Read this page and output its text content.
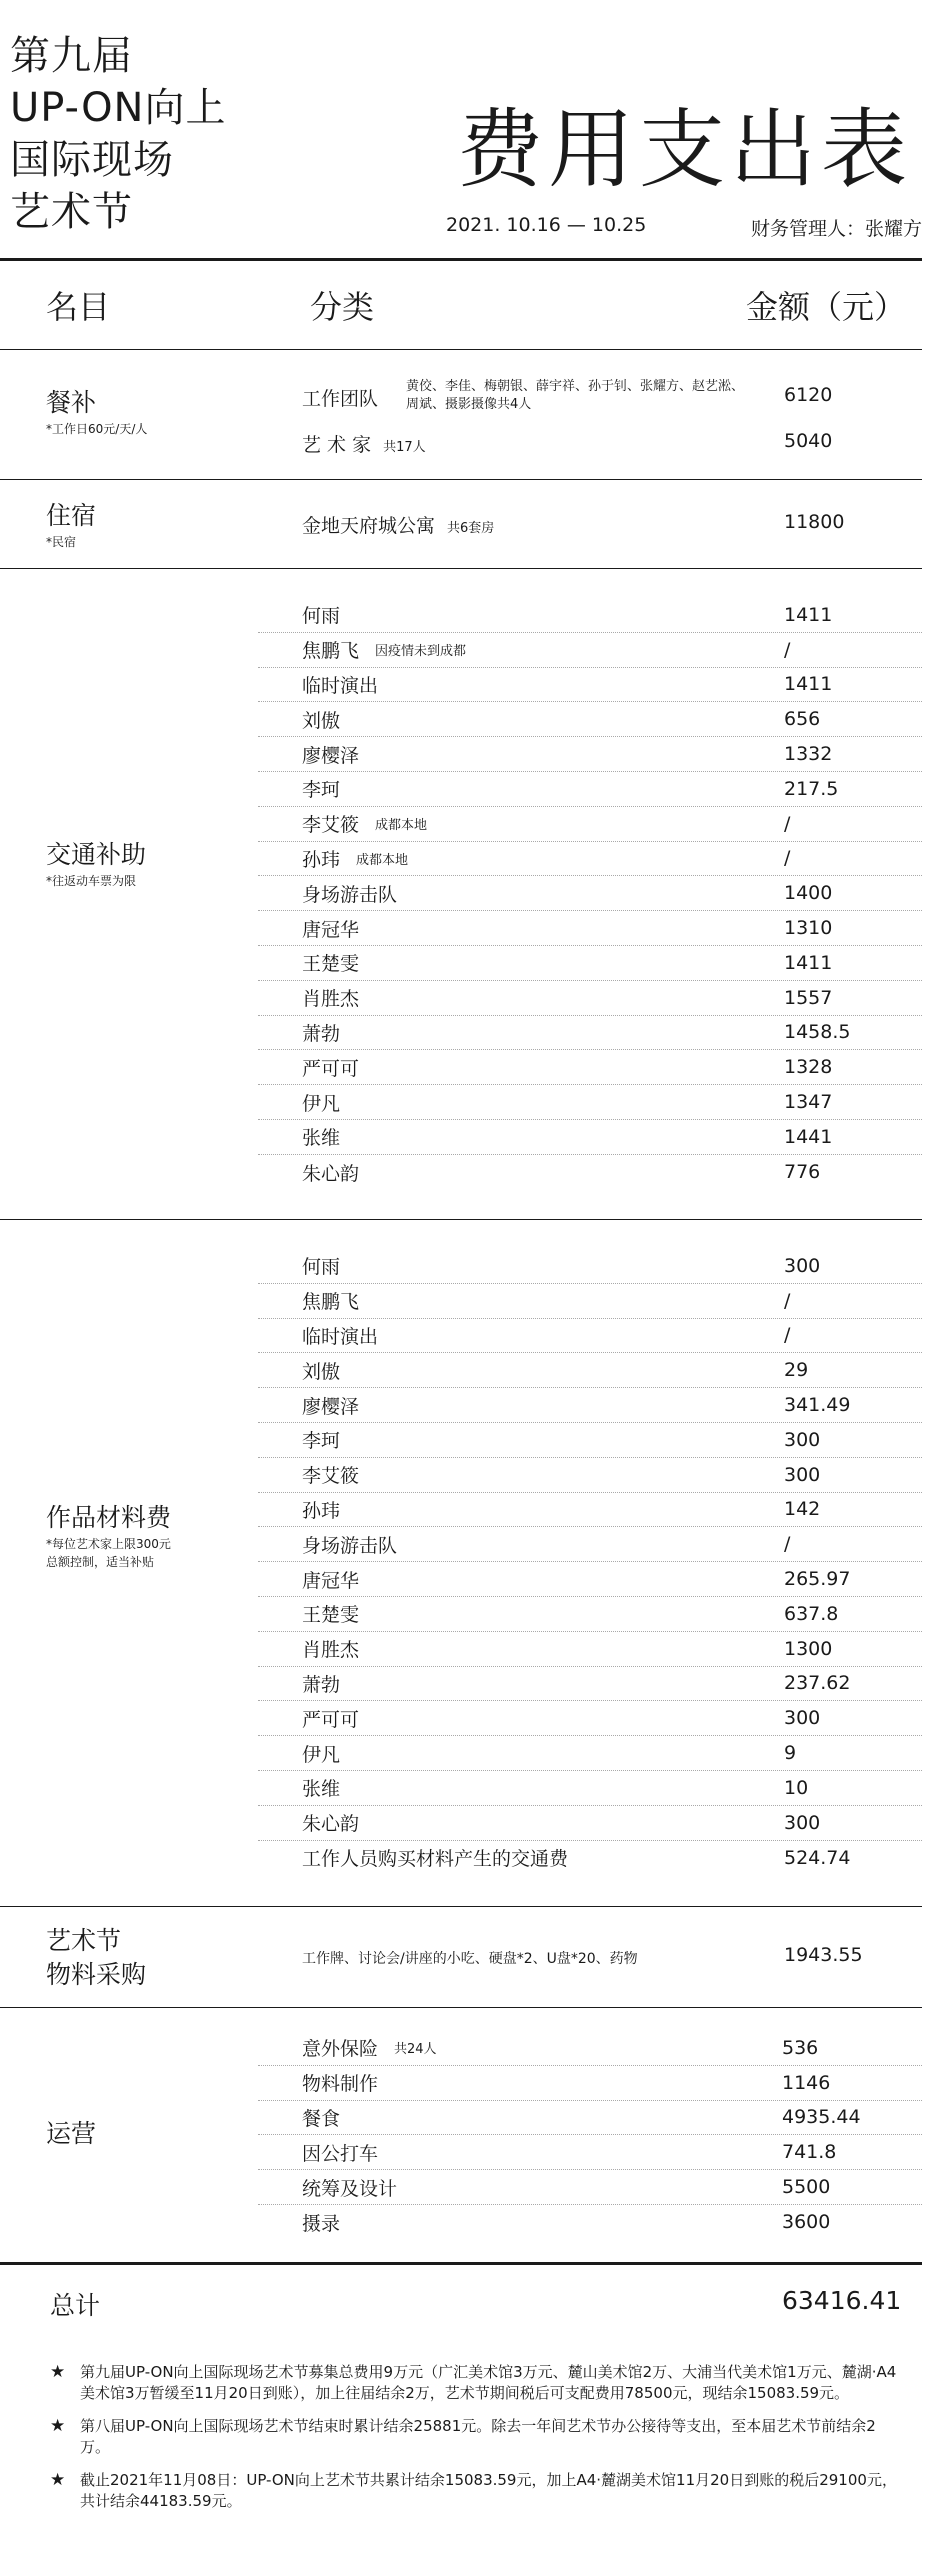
第九届
UP-ON向上
国际现场
艺术节
费用支出表
2021. 10.16 — 10.25	财务管理人：张耀方
名目	分类	金额（元）
餐补
*工作日60元/天/人
工作团队
黄佼、李佳、梅朝银、薛宇祥、孙于钊、张耀方、赵艺淞、周斌、摄影摄像共4人	6120
艺 术 家 共17人	5040
住宿
*民宿
金地天府城公寓 共6套房	11800
交通补助
*往返动车票为限
何雨	1411
焦鹏飞 因疫情未到成都	/
临时演出	1411
刘傲	656
廖樱泽	1332
李珂	217.5
李艾筱 成都本地	/
孙玮 成都本地	/
身场游击队	1400
唐冠华	1310
王楚雯	1411
肖胜杰	1557
萧勃	1458.5
严可可	1328
伊凡	1347
张维	1441
朱心韵	776
作品材料费
*每位艺术家上限300元
总额控制，适当补贴
何雨	300
焦鹏飞	/
临时演出	/
刘傲	29
廖樱泽	341.49
李珂	300
李艾筱	300
孙玮	142
身场游击队	/
唐冠华	265.97
王楚雯	637.8
肖胜杰	1300
萧勃	237.62
严可可	300
伊凡	9
张维	10
朱心韵	300
工作人员购买材料产生的交通费	524.74
艺术节
物料采购
工作牌、讨论会/讲座的小吃、硬盘*2、U盘*20、药物	1943.55
运营
意外保险 共24人	536
物料制作	1146
餐食	4935.44
因公打车	741.8
统筹及设计	5500
摄录	3600
总计	63416.41
★ 第九届UP-ON向上国际现场艺术节募集总费用9万元（广汇美术馆3万元、麓山美术馆2万、大浦当代美术馆1万元、麓湖·A4美术馆3万暂缓至11月20日到账），加上往届结余2万，艺术节期间税后可支配费用78500元，现结余15083.59元。
★ 第八届UP-ON向上国际现场艺术节结束时累计结余25881元。除去一年间艺术节办公接待等支出，至本届艺术节前结余2万。
★ 截止2021年11月08日：UP-ON向上艺术节共累计结余15083.59元，加上A4·麓湖美术馆11月20日到账的税后29100元，共计结余44183.59元。
